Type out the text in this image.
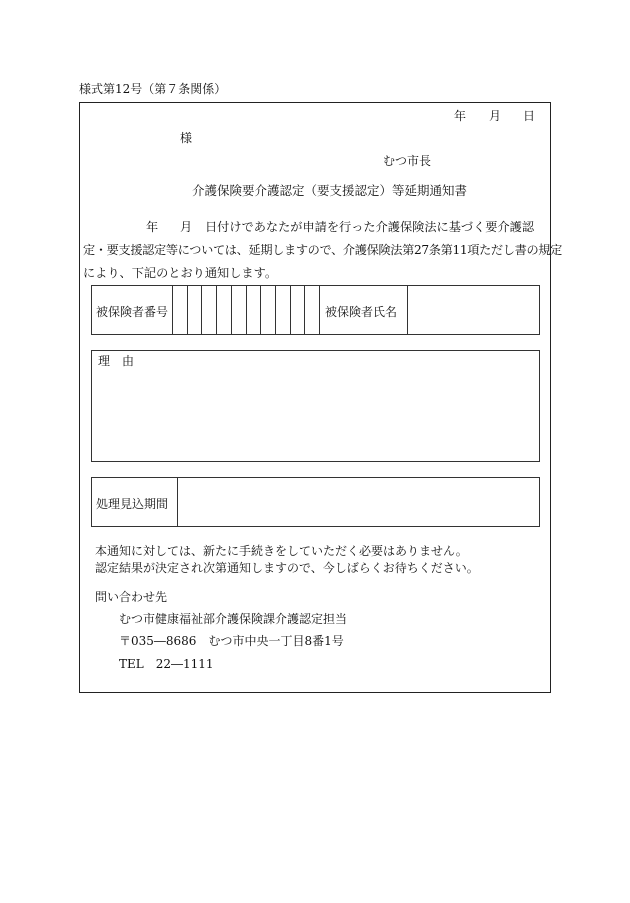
様式第12号（第７条関係）
年 月 日
様
むつ市長
介護保険要介護認定（要支援認定）等延期通知書
年 月 日付けであなたが申請を行った介護保険法に基づく要介護認
定・要支援認定等については、延期しますので、介護保険法第27条第11項ただし書の規定
により、下記のとおり通知します。
被保険者番号	被保険者氏名
理　由
処理見込期間
本通知に対しては、新たに手続きをしていただく必要はありません。
認定結果が決定され次第通知しますので、今しばらくお待ちください。
問い合わせ先
むつ市健康福祉部介護保険課介護認定担当
〒035―8686　むつ市中央一丁目8番1号
TEL　22―1111
